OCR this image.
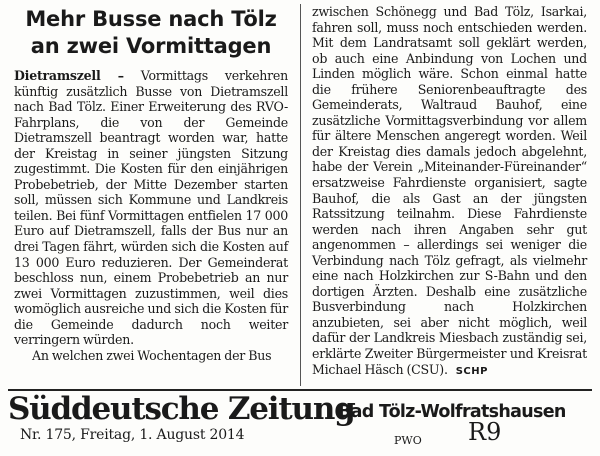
Mehr Busse nach Tölz an zwei Vormittagen

Dietramszell – Vormittags verkehren künftig zusätzlich Busse von Dietramszell nach Bad Tölz. Einer Erweiterung des RVO-Fahrplans, die von der Gemeinde Dietramszell beantragt worden war, hatte der Kreistag in seiner jüngsten Sitzung zugestimmt. Die Kosten für den einjährigen Probebetrieb, der Mitte Dezember starten soll, müssen sich Kommune und Landkreis teilen. Bei fünf Vormittagen entfielen 17 000 Euro auf Dietramszell, falls der Bus nur an drei Tagen fährt, würden sich die Kosten auf 13 000 Euro reduzieren. Der Gemeinderat beschloss nun, einem Probebetrieb an nur zwei Vormittagen zuzustimmen, weil dies womöglich ausreiche und sich die Kosten für die Gemeinde dadurch noch weiter verringern würden.

An welchen zwei Wochentagen der Bus

zwischen Schönegg und Bad Tölz, Isarkai, fahren soll, muss noch entschieden werden. Mit dem Landratsamt soll geklärt werden, ob auch eine Anbindung von Lochen und Linden möglich wäre. Schon einmal hatte die frühere Seniorenbeauftragte des Gemeinderats, Waltraud Bauhof, eine zusätzliche Vormittagsverbindung vor allem für ältere Menschen angeregt worden. Weil der Kreistag dies damals jedoch abgelehnt, habe der Verein „Miteinander-Füreinander“ ersatzweise Fahrdienste organisiert, sagte Bauhof, die als Gast an der jüngsten Ratssitzung teilnahm. Diese Fahrdienste werden nach ihren Angaben sehr gut angenommen – allerdings sei weniger die Verbindung nach Tölz gefragt, als vielmehr eine nach Holzkirchen zur S-Bahn und den dortigen Ärzten. Deshalb eine zusätzliche Busverbindung nach Holzkirchen anzubieten, sei aber nicht möglich, weil dafür der Landkreis Miesbach zuständig sei, erklärte Zweiter Bürgermeister und Kreisrat Michael Häsch (CSU). SCHP

Süddeutsche Zeitung
Nr. 175, Freitag, 1. August 2014
Bad Tölz-Wolfratshausen
PWO R9
